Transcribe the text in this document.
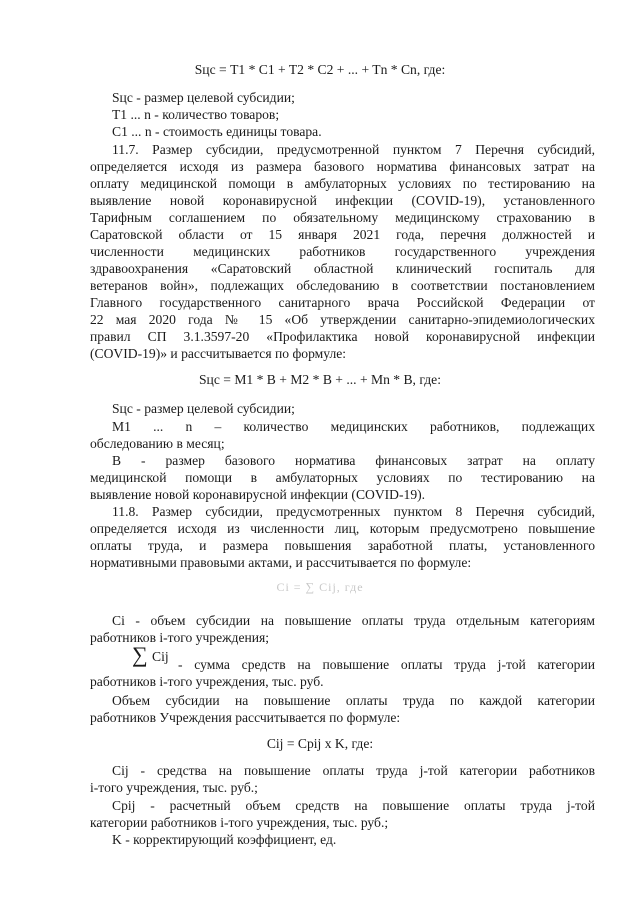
Sцс = T1 * C1 + T2 * C2 + ... + Tn * Cn, где:
Sцс - размер целевой субсидии;
T1 ... n - количество товаров;
C1 ... n - стоимость единицы товара.
11.7. Размер субсидии, предусмотренной пунктом 7 Перечня субсидий,
определяется исходя из размера базового норматива финансовых затрат на
оплату медицинской помощи в амбулаторных условиях по тестированию на
выявление новой коронавирусной инфекции (COVID-19), установленного
Тарифным соглашением по обязательному медицинскому страхованию в
Саратовской области от 15 января 2021 года, перечня должностей и
численности медицинских работников государственного учреждения
здравоохранения «Саратовский областной клинический госпиталь для
ветеранов войн», подлежащих обследованию в соответствии постановлением
Главного государственного санитарного врача Российской Федерации от
22 мая 2020 года № 15 «Об утверждении санитарно-эпидемиологических
правил СП 3.1.3597-20 «Профилактика новой коронавирусной инфекции
(COVID-19)» и рассчитывается по формуле:
Sцс = M1 * B + M2 * B + ... + Mn * B, где:
Sцс - размер целевой субсидии;
M1 ... n – количество медицинских работников, подлежащих
обследованию в месяц;
B - размер базового норматива финансовых затрат на оплату
медицинской помощи в амбулаторных условиях по тестированию на
выявление новой коронавирусной инфекции (COVID-19).
11.8. Размер субсидии, предусмотренных пунктом 8 Перечня субсидий,
определяется исходя из численности лиц, которым предусмотрено повышение
оплаты труда, и размера повышения заработной платы, установленного
нормативными правовыми актами, и рассчитывается по формуле:
Ci = ∑ Cij, где
Ci - объем субсидии на повышение оплаты труда отдельным категориям
работников i-того учреждения;
∑ Cij
- сумма средств на повышение оплаты труда j-той категории
работников i-того учреждения, тыс. руб.
Объем субсидии на повышение оплаты труда по каждой категории
работников Учреждения рассчитывается по формуле:
Cij = Cpij x K, где:
Cij - средства на повышение оплаты труда j-той категории работников
i-того учреждения, тыс. руб.;
Cpij - расчетный объем средств на повышение оплаты труда j-той
категории работников i-того учреждения, тыс. руб.;
K - корректирующий коэффициент, ед.
